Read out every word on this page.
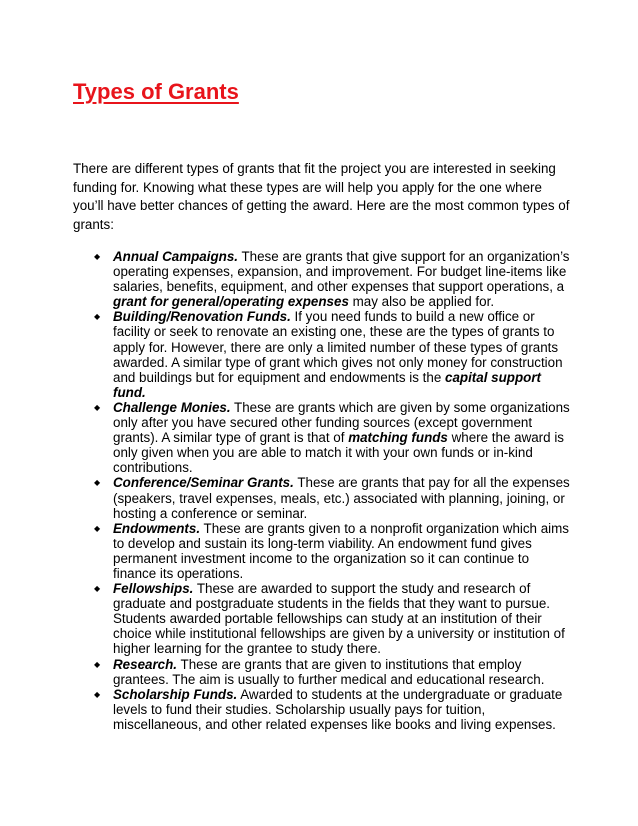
Types of Grants

There are different types of grants that fit the project you are interested in seeking funding for. Knowing what these types are will help you apply for the one where you’ll have better chances of getting the award. Here are the most common types of grants:

◆ Annual Campaigns. These are grants that give support for an organization’s operating expenses, expansion, and improvement. For budget line-items like salaries, benefits, equipment, and other expenses that support operations, a grant for general/operating expenses may also be applied for.
◆ Building/Renovation Funds. If you need funds to build a new office or facility or seek to renovate an existing one, these are the types of grants to apply for. However, there are only a limited number of these types of grants awarded. A similar type of grant which gives not only money for construction and buildings but for equipment and endowments is the capital support fund.
◆ Challenge Monies. These are grants which are given by some organizations only after you have secured other funding sources (except government grants). A similar type of grant is that of matching funds where the award is only given when you are able to match it with your own funds or in-kind contributions.
◆ Conference/Seminar Grants. These are grants that pay for all the expenses (speakers, travel expenses, meals, etc.) associated with planning, joining, or hosting a conference or seminar.
◆ Endowments. These are grants given to a nonprofit organization which aims to develop and sustain its long-term viability. An endowment fund gives permanent investment income to the organization so it can continue to finance its operations.
◆ Fellowships. These are awarded to support the study and research of graduate and postgraduate students in the fields that they want to pursue. Students awarded portable fellowships can study at an institution of their choice while institutional fellowships are given by a university or institution of higher learning for the grantee to study there.
◆ Research. These are grants that are given to institutions that employ grantees. The aim is usually to further medical and educational research.
◆ Scholarship Funds. Awarded to students at the undergraduate or graduate levels to fund their studies. Scholarship usually pays for tuition, miscellaneous, and other related expenses like books and living expenses.
